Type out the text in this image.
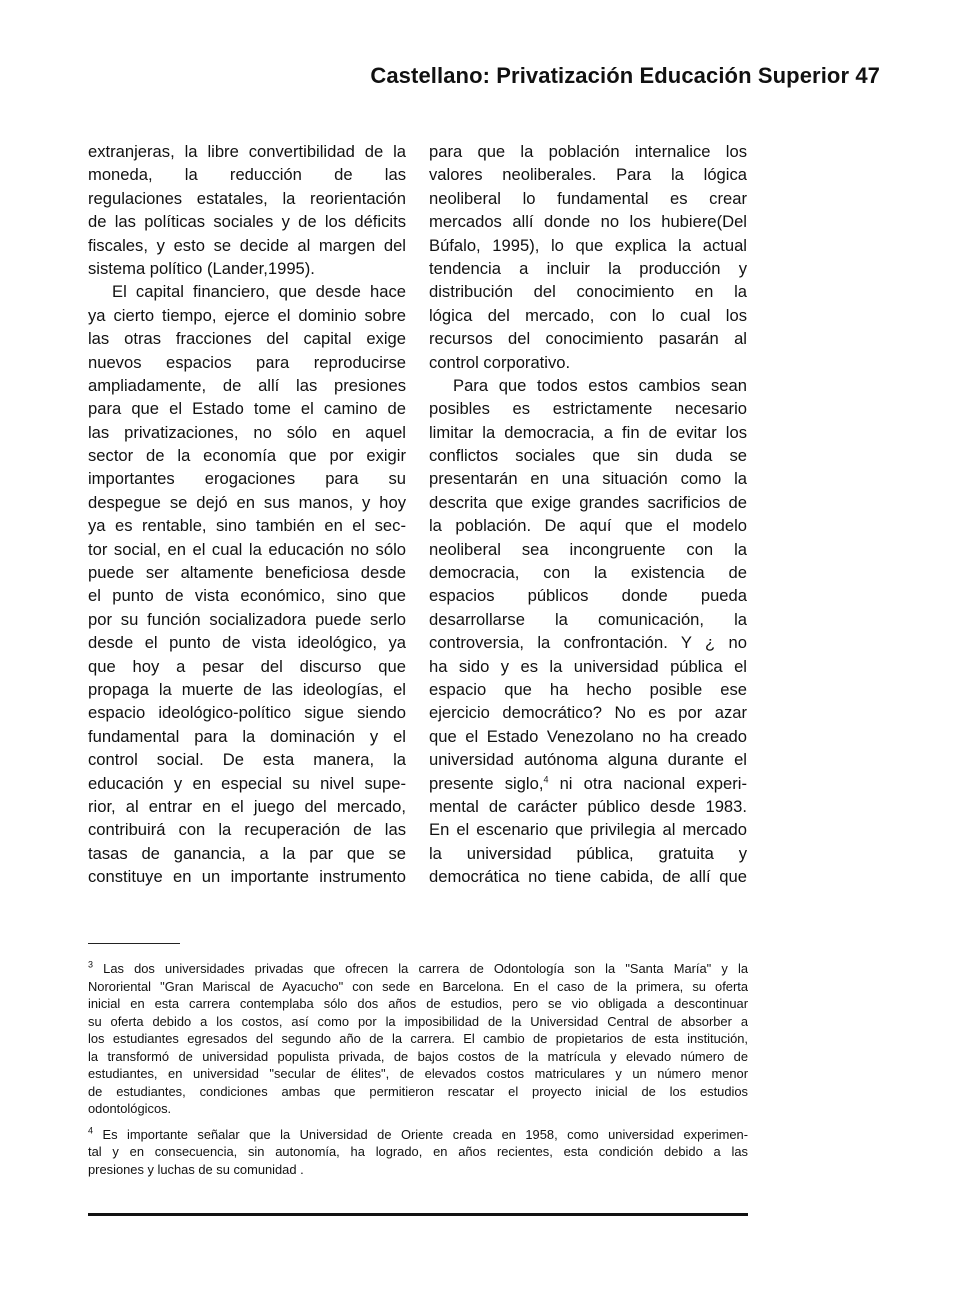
Castellano: Privatización Educación Superior 47
extranjeras, la libre convertibilidad de la
moneda, la reducción de las
regulaciones estatales, la reorientación
de las políticas sociales y de los déficits
fiscales, y esto se decide al margen del
sistema político (Lander,1995).
El capital financiero, que desde hace
ya cierto tiempo, ejerce el dominio sobre
las otras fracciones del capital exige
nuevos espacios para reproducirse
ampliadamente, de allí las presiones
para que el Estado tome el camino de
las privatizaciones, no sólo en aquel
sector de la economía que por exigir
importantes erogaciones para su
despegue se dejó en sus manos, y hoy
ya es rentable, sino también en el sec-
tor social, en el cual la educación no sólo
puede ser altamente beneficiosa desde
el punto de vista económico, sino que
por su función socializadora puede serlo
desde el punto de vista ideológico, ya
que hoy a pesar del discurso que
propaga la muerte de las ideologías, el
espacio ideológico-político sigue siendo
fundamental para la dominación y el
control social. De esta manera, la
educación y en especial su nivel supe-
rior, al entrar en el juego del mercado,
contribuirá con la recuperación de las
tasas de ganancia, a la par que se
constituye en un importante instrumento
para que la población internalice los
valores neoliberales. Para la lógica
neoliberal lo fundamental es crear
mercados allí donde no los hubiere(Del
Búfalo, 1995), lo que explica la actual
tendencia a incluir la producción y
distribución del conocimiento en la
lógica del mercado, con lo cual los
recursos del conocimiento pasarán al
control corporativo.
Para que todos estos cambios sean
posibles es estrictamente necesario
limitar la democracia, a fin de evitar los
conflictos sociales que sin duda se
presentarán en una situación como la
descrita que exige grandes sacrificios de
la población. De aquí que el modelo
neoliberal sea incongruente con la
democracia, con la existencia de
espacios públicos donde pueda
desarrollarse la comunicación, la
controversia, la confrontación. Y ¿ no
ha sido y es la universidad pública el
espacio que ha hecho posible ese
ejercicio democrático? No es por azar
que el Estado Venezolano no ha creado
universidad autónoma alguna durante el
presente siglo,$^4$ ni otra nacional experi-
mental de carácter público desde 1983.
En el escenario que privilegia al mercado
la universidad pública, gratuita y
democrática no tiene cabida, de allí que
$^3$ Las dos universidades privadas que ofrecen la carrera de Odontología son la "Santa María" y la
Nororiental "Gran Mariscal de Ayacucho" con sede en Barcelona. En el caso de la primera, su oferta
inicial en esta carrera contemplaba sólo dos años de estudios, pero se vio obligada a descontinuar
su oferta debido a los costos, así como por la imposibilidad de la Universidad Central de absorber a
los estudiantes egresados del segundo año de la carrera. El cambio de propietarios de esta institución,
la transformó de universidad populista privada, de bajos costos de la matrícula y elevado número de
estudiantes, en universidad "secular de élites", de elevados costos matriculares y un número menor
de estudiantes, condiciones ambas que permitieron rescatar el proyecto inicial de los estudios
odontológicos.
$^4$ Es importante señalar que la Universidad de Oriente creada en 1958, como universidad experimen-
tal y en consecuencia, sin autonomía, ha logrado, en años recientes, esta condición debido a las
presiones y luchas de su comunidad .
